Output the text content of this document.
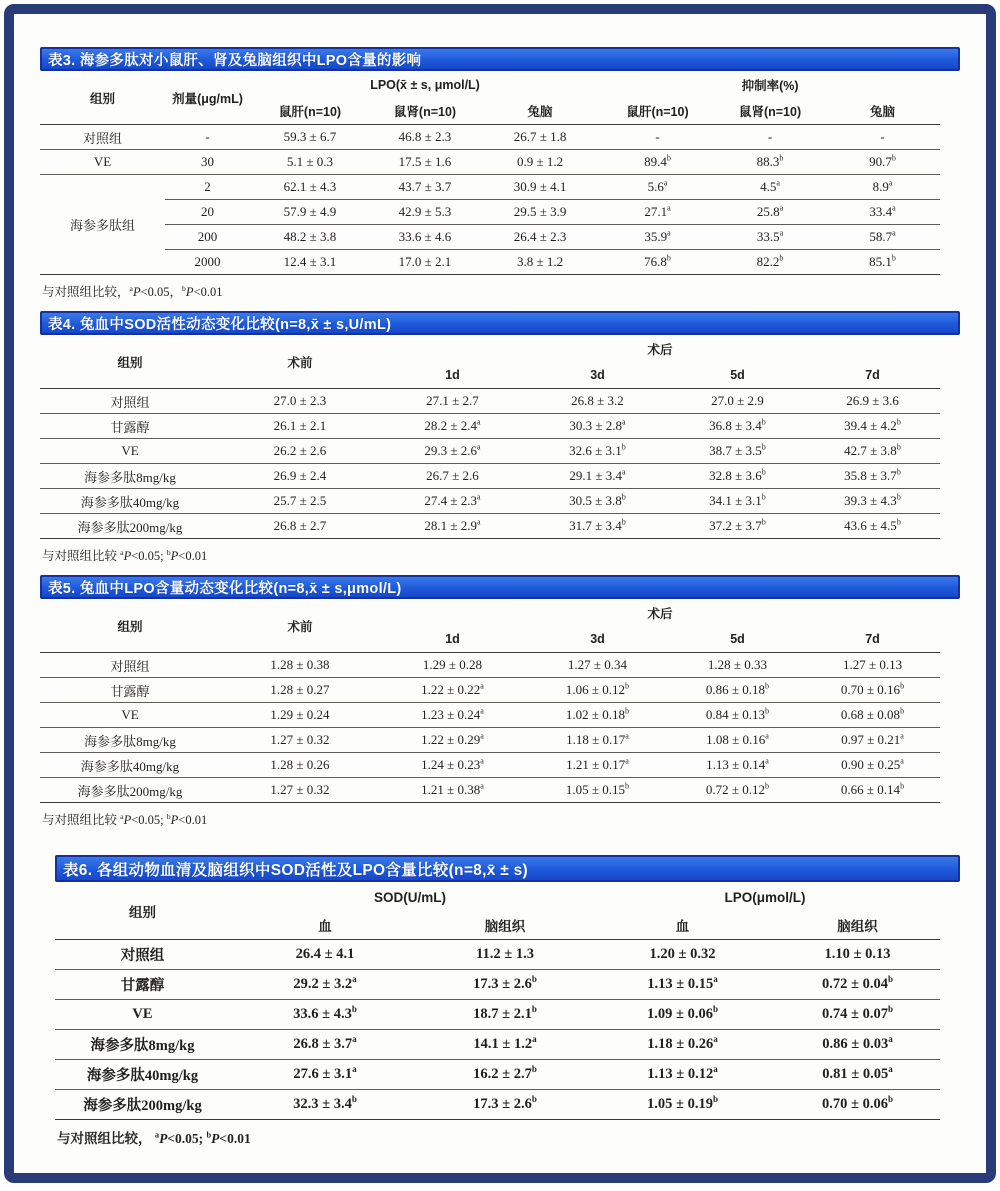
表3. 海参多肽对小鼠肝、肾及兔脑组织中LPO含量的影响
组别	剂量(μg/mL)	LPO(x̄ ± s, μmol/L)			抑制率(%)		
		鼠肝(n=10)	鼠肾(n=10)	兔脑	鼠肝(n=10)	鼠肾(n=10)	兔脑
对照组	-	59.3 ± 6.7	46.8 ± 2.3	26.7 ± 1.8	-	-	-
VE	30	5.1 ± 0.3	17.5 ± 1.6	0.9 ± 1.2	89.4$^b$	88.3$^b$	90.7$^b$
海参多肽组	2	62.1 ± 4.3	43.7 ± 3.7	30.9 ± 4.1	5.6$^a$	4.5$^a$	8.9$^a$
	20	57.9 ± 4.9	42.9 ± 5.3	29.5 ± 3.9	27.1$^a$	25.8$^a$	33.4$^a$
	200	48.2 ± 3.8	33.6 ± 4.6	26.4 ± 2.3	35.9$^a$	33.5$^a$	58.7$^a$
	2000	12.4 ± 3.1	17.0 ± 2.1	3.8 ± 1.2	76.8$^b$	82.2$^b$	85.1$^b$

与对照组比较，$^a$P<0.05，$^b$P<0.01

表4. 兔血中SOD活性动态变化比较(n=8,x̄ ± s,U/mL)
组别	术前	术后			
		1d	3d	5d	7d
对照组	27.0 ± 2.3	27.1 ± 2.7	26.8 ± 3.2	27.0 ± 2.9	26.9 ± 3.6
甘露醇	26.1 ± 2.1	28.2 ± 2.4$^a$	30.3 ± 2.8$^a$	36.8 ± 3.4$^b$	39.4 ± 4.2$^b$
VE	26.2 ± 2.6	29.3 ± 2.6$^a$	32.6 ± 3.1$^b$	38.7 ± 3.5$^b$	42.7 ± 3.8$^b$
海参多肽8mg/kg	26.9 ± 2.4	26.7 ± 2.6	29.1 ± 3.4$^a$	32.8 ± 3.6$^b$	35.8 ± 3.7$^b$
海参多肽40mg/kg	25.7 ± 2.5	27.4 ± 2.3$^a$	30.5 ± 3.8$^b$	34.1 ± 3.1$^b$	39.3 ± 4.3$^b$
海参多肽200mg/kg	26.8 ± 2.7	28.1 ± 2.9$^a$	31.7 ± 3.4$^b$	37.2 ± 3.7$^b$	43.6 ± 4.5$^b$

与对照组比较 $^a$P<0.05; $^b$P<0.01

表5. 兔血中LPO含量动态变化比较(n=8,x̄ ± s,μmol/L)
组别	术前	术后			
		1d	3d	5d	7d
对照组	1.28 ± 0.38	1.29 ± 0.28	1.27 ± 0.34	1.28 ± 0.33	1.27 ± 0.13
甘露醇	1.28 ± 0.27	1.22 ± 0.22$^a$	1.06 ± 0.12$^b$	0.86 ± 0.18$^b$	0.70 ± 0.16$^b$
VE	1.29 ± 0.24	1.23 ± 0.24$^a$	1.02 ± 0.18$^b$	0.84 ± 0.13$^b$	0.68 ± 0.08$^b$
海参多肽8mg/kg	1.27 ± 0.32	1.22 ± 0.29$^a$	1.18 ± 0.17$^a$	1.08 ± 0.16$^a$	0.97 ± 0.21$^a$
海参多肽40mg/kg	1.28 ± 0.26	1.24 ± 0.23$^a$	1.21 ± 0.17$^a$	1.13 ± 0.14$^a$	0.90 ± 0.25$^a$
海参多肽200mg/kg	1.27 ± 0.32	1.21 ± 0.38$^a$	1.05 ± 0.15$^b$	0.72 ± 0.12$^b$	0.66 ± 0.14$^b$

与对照组比较 $^a$P<0.05; $^b$P<0.01

表6. 各组动物血清及脑组织中SOD活性及LPO含量比较(n=8,x̄ ± s)
组别	SOD(U/mL)		LPO(μmol/L)	
	血	脑组织	血	脑组织
对照组	26.4 ± 4.1	11.2 ± 1.3	1.20 ± 0.32	1.10 ± 0.13
甘露醇	29.2 ± 3.2$^a$	17.3 ± 2.6$^b$	1.13 ± 0.15$^a$	0.72 ± 0.04$^b$
VE	33.6 ± 4.3$^b$	18.7 ± 2.1$^b$	1.09 ± 0.06$^b$	0.74 ± 0.07$^b$
海参多肽8mg/kg	26.8 ± 3.7$^a$	14.1 ± 1.2$^a$	1.18 ± 0.26$^a$	0.86 ± 0.03$^a$
海参多肽40mg/kg	27.6 ± 3.1$^a$	16.2 ± 2.7$^b$	1.13 ± 0.12$^a$	0.81 ± 0.05$^a$
海参多肽200mg/kg	32.3 ± 3.4$^b$	17.3 ± 2.6$^b$	1.05 ± 0.19$^b$	0.70 ± 0.06$^b$

与对照组比较， $^a$P<0.05; $^b$P<0.01
